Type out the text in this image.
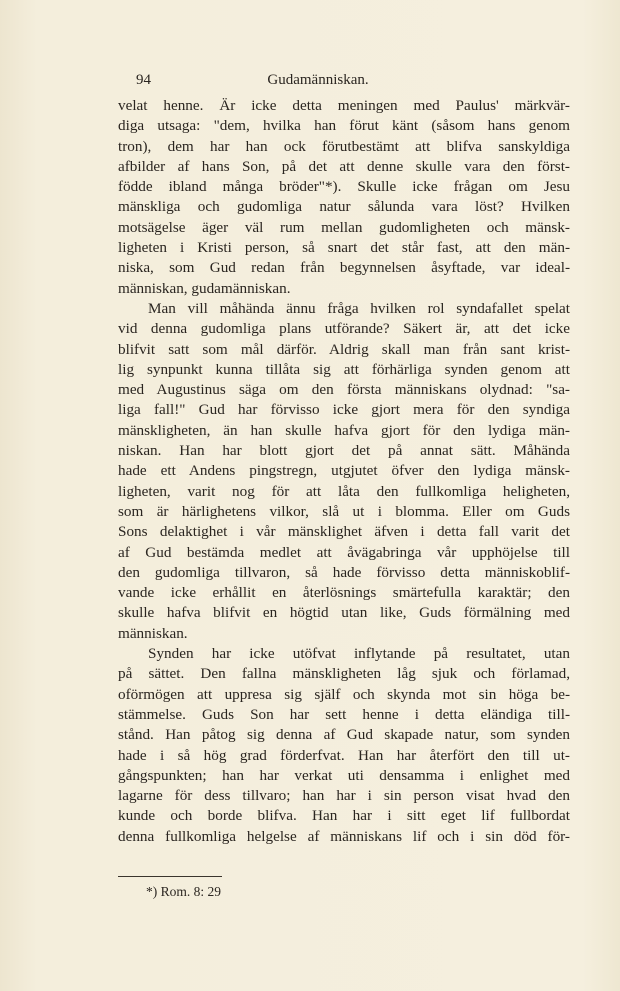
94	Gudamänniskan.
velat henne. Är icke detta meningen med Paulus' märkvär-
diga utsaga: "dem, hvilka han förut känt (såsom hans genom
tron), dem har han ock förutbestämt att blifva sanskyldiga
afbilder af hans Son, på det att denne skulle vara den först-
födde ibland många bröder"*). Skulle icke frågan om Jesu
mänskliga och gudomliga natur sålunda vara löst? Hvilken
motsägelse äger väl rum mellan gudomligheten och mänsk-
ligheten i Kristi person, så snart det står fast, att den män-
niska, som Gud redan från begynnelsen åsyftade, var ideal-
människan, gudamänniskan.
Man vill måhända ännu fråga hvilken rol syndafallet spelat
vid denna gudomliga plans utförande? Säkert är, att det icke
blifvit satt som mål därför. Aldrig skall man från sant krist-
lig synpunkt kunna tillåta sig att förhärliga synden genom att
med Augustinus säga om den första människans olydnad: "sa-
liga fall!" Gud har förvisso icke gjort mera för den syndiga
mänskligheten, än han skulle hafva gjort för den lydiga män-
niskan. Han har blott gjort det på annat sätt. Måhända
hade ett Andens pingstregn, utgjutet öfver den lydiga mänsk-
ligheten, varit nog för att låta den fullkomliga heligheten,
som är härlighetens vilkor, slå ut i blomma. Eller om Guds
Sons delaktighet i vår mänsklighet äfven i detta fall varit det
af Gud bestämda medlet att åvägabringa vår upphöjelse till
den gudomliga tillvaron, så hade förvisso detta människoblif-
vande icke erhållit en återlösnings smärtefulla karaktär; den
skulle hafva blifvit en högtid utan like, Guds förmälning med
människan.
Synden har icke utöfvat inflytande på resultatet, utan
på sättet. Den fallna mänskligheten låg sjuk och förlamad,
oförmögen att uppresa sig själf och skynda mot sin höga be-
stämmelse. Guds Son har sett henne i detta eländiga till-
stånd. Han påtog sig denna af Gud skapade natur, som synden
hade i så hög grad förderfvat. Han har återfört den till ut-
gångspunkten; han har verkat uti densamma i enlighet med
lagarne för dess tillvaro; han har i sin person visat hvad den
kunde och borde blifva. Han har i sitt eget lif fullbordat
denna fullkomliga helgelse af människans lif och i sin död för-
*) Rom. 8: 29
